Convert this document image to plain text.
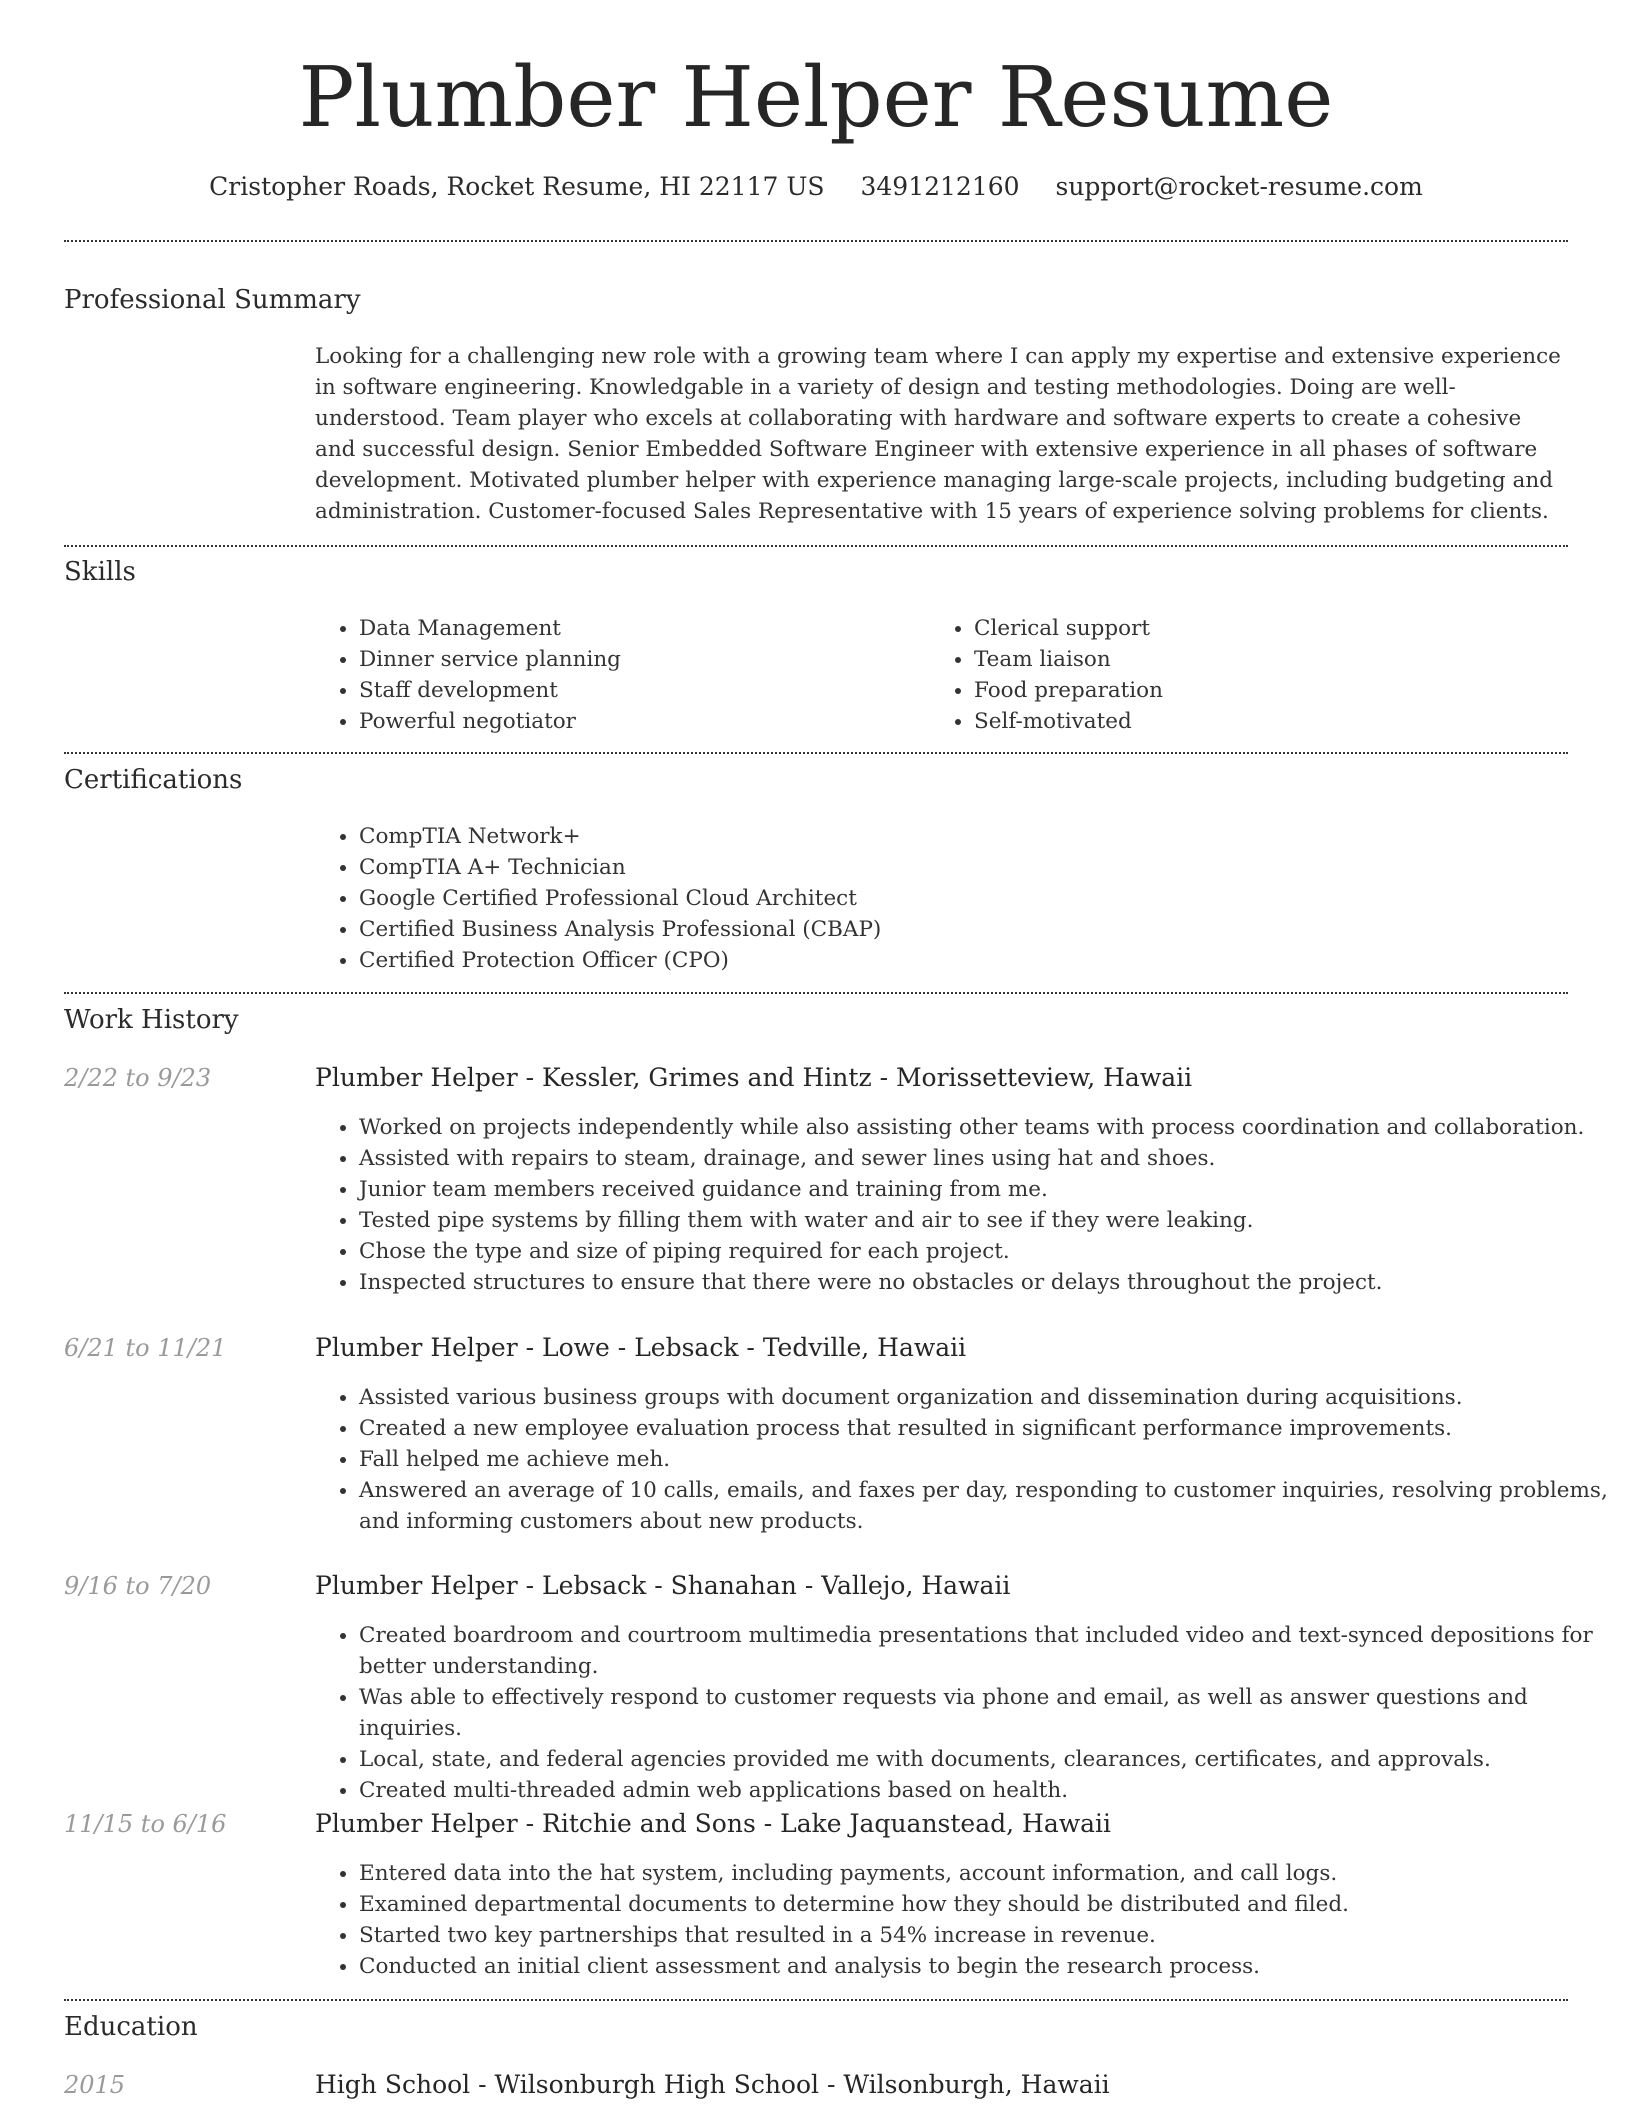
Plumber Helper Resume
Cristopher Roads, Rocket Resume, HI 22117 US 3491212160 support@rocket-resume.com
Professional Summary

Looking for a challenging new role with a growing team where I can apply my expertise and extensive experience in software engineering. Knowledgable in a variety of design and testing methodologies. Doing are well-understood. Team player who excels at collaborating with hardware and software experts to create a cohesive and successful design. Senior Embedded Software Engineer with extensive experience in all phases of software development. Motivated plumber helper with experience managing large-scale projects, including budgeting and administration. Customer-focused Sales Representative with 15 years of experience solving problems for clients.

Skills
• Data Management
• Dinner service planning
• Staff development
• Powerful negotiator
• Clerical support
• Team liaison
• Food preparation
• Self-motivated
Certifications
• CompTIA Network+
• CompTIA A+ Technician
• Google Certified Professional Cloud Architect
• Certified Business Analysis Professional (CBAP)
• Certified Protection Officer (CPO)
Work History
2/22 to 9/23	Plumber Helper - Kessler, Grimes and Hintz - Morissetteview, Hawaii
• Worked on projects independently while also assisting other teams with process coordination and collaboration.
• Assisted with repairs to steam, drainage, and sewer lines using hat and shoes.
• Junior team members received guidance and training from me.
• Tested pipe systems by filling them with water and air to see if they were leaking.
• Chose the type and size of piping required for each project.
• Inspected structures to ensure that there were no obstacles or delays throughout the project.
6/21 to 11/21	Plumber Helper - Lowe - Lebsack - Tedville, Hawaii
• Assisted various business groups with document organization and dissemination during acquisitions.
• Created a new employee evaluation process that resulted in significant performance improvements.
• Fall helped me achieve meh.
• Answered an average of 10 calls, emails, and faxes per day, responding to customer inquiries, resolving problems, and informing customers about new products.
9/16 to 7/20	Plumber Helper - Lebsack - Shanahan - Vallejo, Hawaii
• Created boardroom and courtroom multimedia presentations that included video and text-synced depositions for better understanding.
• Was able to effectively respond to customer requests via phone and email, as well as answer questions and inquiries.
• Local, state, and federal agencies provided me with documents, clearances, certificates, and approvals.
• Created multi-threaded admin web applications based on health.
11/15 to 6/16	Plumber Helper - Ritchie and Sons - Lake Jaquanstead, Hawaii
• Entered data into the hat system, including payments, account information, and call logs.
• Examined departmental documents to determine how they should be distributed and filed.
• Started two key partnerships that resulted in a 54% increase in revenue.
• Conducted an initial client assessment and analysis to begin the research process.
Education
2015	High School - Wilsonburgh High School - Wilsonburgh, Hawaii
